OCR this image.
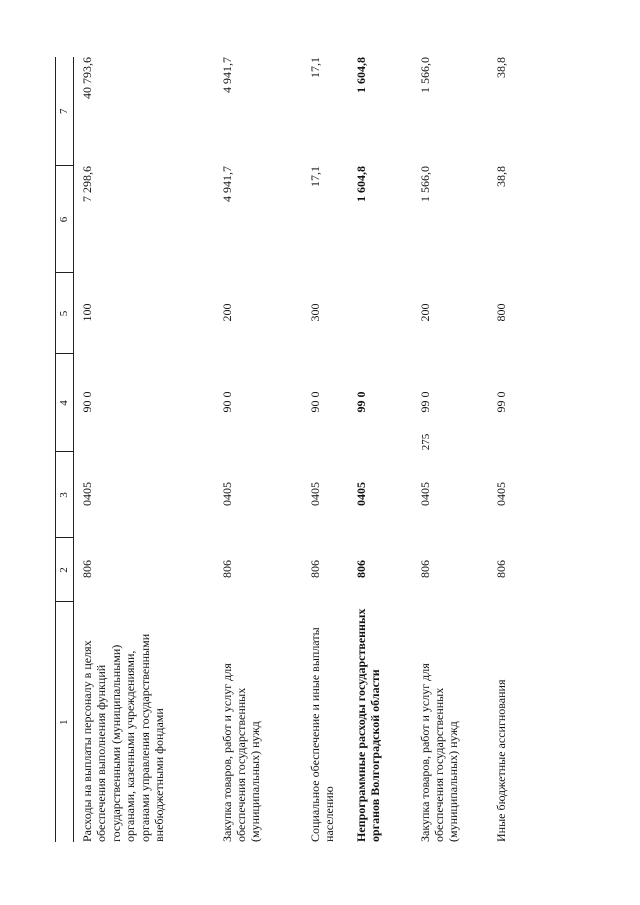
275
1	2	3	4	5	6	7
Расходы на выплаты персоналу в целях обеспечения выполнения функций государственными (муниципальными) органами, казенными учреждениями, органами управления государственными внебюджетными фондами	806	0405	90 0	100	7 298,6	40 793,6
Закупка товаров, работ и услуг для обеспечения государственных (муниципальных) нужд	806	0405	90 0	200	4 941,7	4 941,7
Социальное обеспечение и иные выплаты населению	806	0405	90 0	300	17,1	17,1
Непрограммные расходы государственных органов Волгоградской области	806	0405	99 0		1 604,8	1 604,8
Закупка товаров, работ и услуг для обеспечения государственных (муниципальных) нужд	806	0405	99 0	200	1 566,0	1 566,0
Иные бюджетные ассигнования	806	0405	99 0	800	38,8	38,8
